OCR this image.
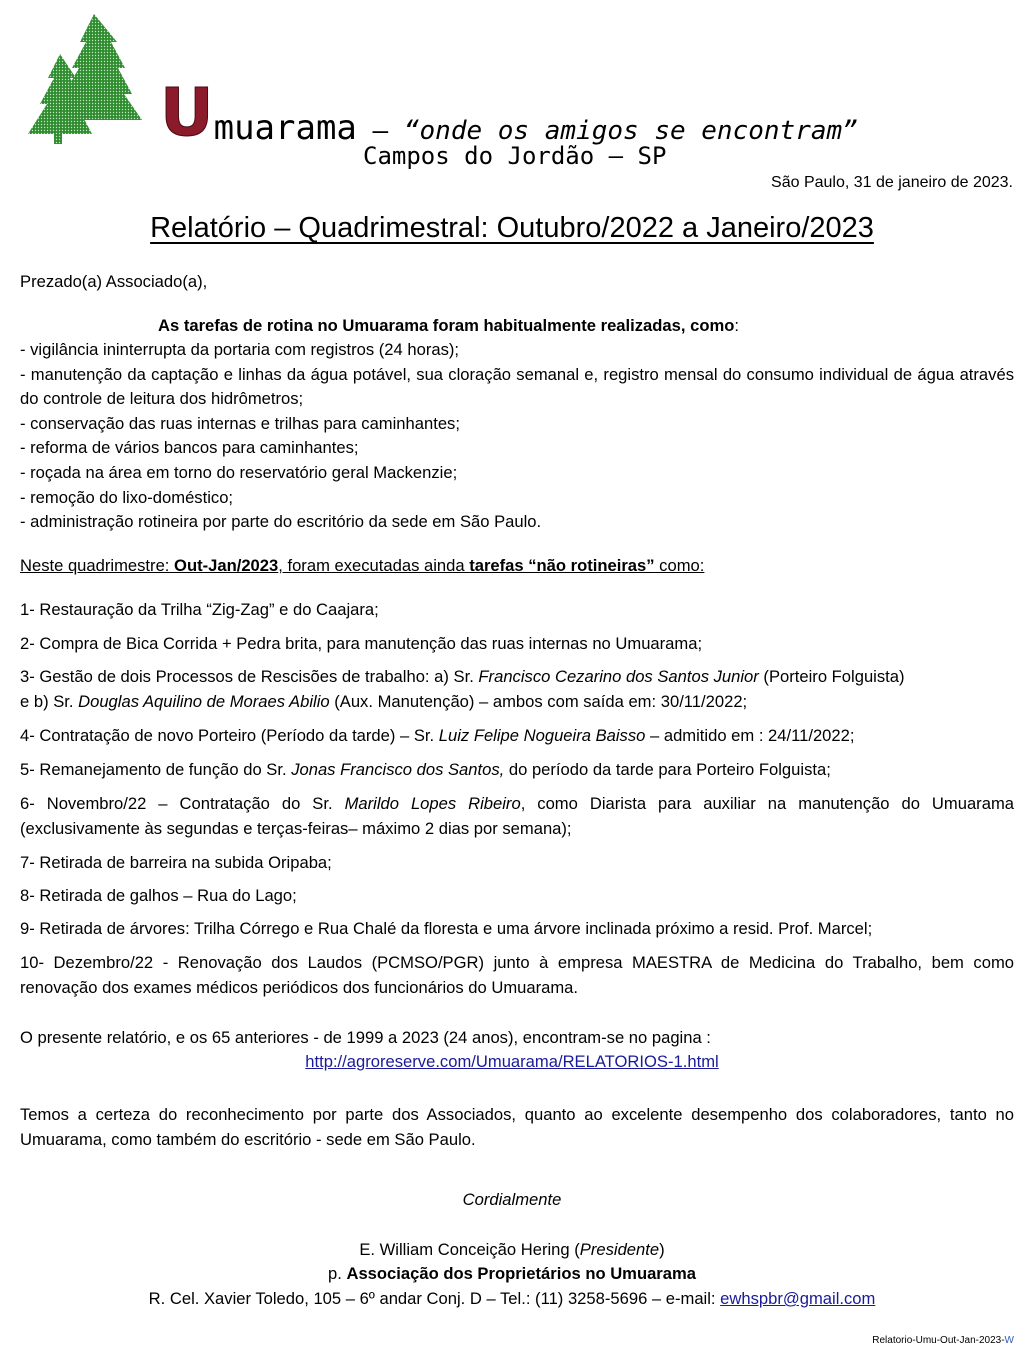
Umuarama – “onde os amigos se encontram”
Campos do Jordão – SP
São Paulo, 31 de janeiro de 2023.
Relatório – Quadrimestral: Outubro/2022 a Janeiro/2023
Prezado(a) Associado(a),
As tarefas de rotina no Umuarama foram habitualmente realizadas, como:
- vigilância ininterrupta da portaria com registros (24 horas);
- manutenção da captação e linhas da água potável, sua cloração semanal e, registro mensal do consumo individual de água através do controle de leitura dos hidrômetros;
- conservação das ruas internas e trilhas para caminhantes;
- reforma de vários bancos para caminhantes;
- roçada na área em torno do reservatório geral Mackenzie;
- remoção do lixo-doméstico;
- administração rotineira por parte do escritório da sede em São Paulo.
Neste quadrimestre: Out-Jan/2023, foram executadas ainda tarefas “não rotineiras” como:
1- Restauração da Trilha “Zig-Zag” e do Caajara;
2- Compra de Bica Corrida + Pedra brita, para manutenção das ruas internas no Umuarama;
3- Gestão de dois Processos de Rescisões de trabalho: a) Sr. Francisco Cezarino dos Santos Junior (Porteiro Folguista)
e b) Sr. Douglas Aquilino de Moraes Abilio (Aux. Manutenção) – ambos com saída em: 30/11/2022;
4- Contratação de novo Porteiro (Período da tarde) – Sr. Luiz Felipe Nogueira Baisso – admitido em : 24/11/2022;
5- Remanejamento de função do Sr. Jonas Francisco dos Santos, do período da tarde para Porteiro Folguista;
6- Novembro/22 – Contratação do Sr. Marildo Lopes Ribeiro, como Diarista para auxiliar na manutenção do Umuarama (exclusivamente às segundas e terças-feiras– máximo 2 dias por semana);
7- Retirada de barreira na subida Oripaba;
8- Retirada de galhos – Rua do Lago;
9- Retirada de árvores: Trilha Córrego e Rua Chalé da floresta e uma árvore inclinada próximo a resid. Prof. Marcel;
10- Dezembro/22 - Renovação dos Laudos (PCMSO/PGR) junto à empresa MAESTRA de Medicina do Trabalho, bem como renovação dos exames médicos periódicos dos funcionários do Umuarama.
O presente relatório, e os 65 anteriores - de 1999 a 2023 (24 anos), encontram-se no pagina :
http://agroreserve.com/Umuarama/RELATORIOS-1.html
Temos a certeza do reconhecimento por parte dos Associados, quanto ao excelente desempenho dos colaboradores, tanto no Umuarama, como também do escritório - sede em São Paulo.
Cordialmente
E. William Conceição Hering (Presidente)
p. Associação dos Proprietários no Umuarama
R. Cel. Xavier Toledo, 105 – 6º andar Conj. D – Tel.: (11) 3258-5696 – e-mail: ewhspbr@gmail.com
Relatorio-Umu-Out-Jan-2023-W
